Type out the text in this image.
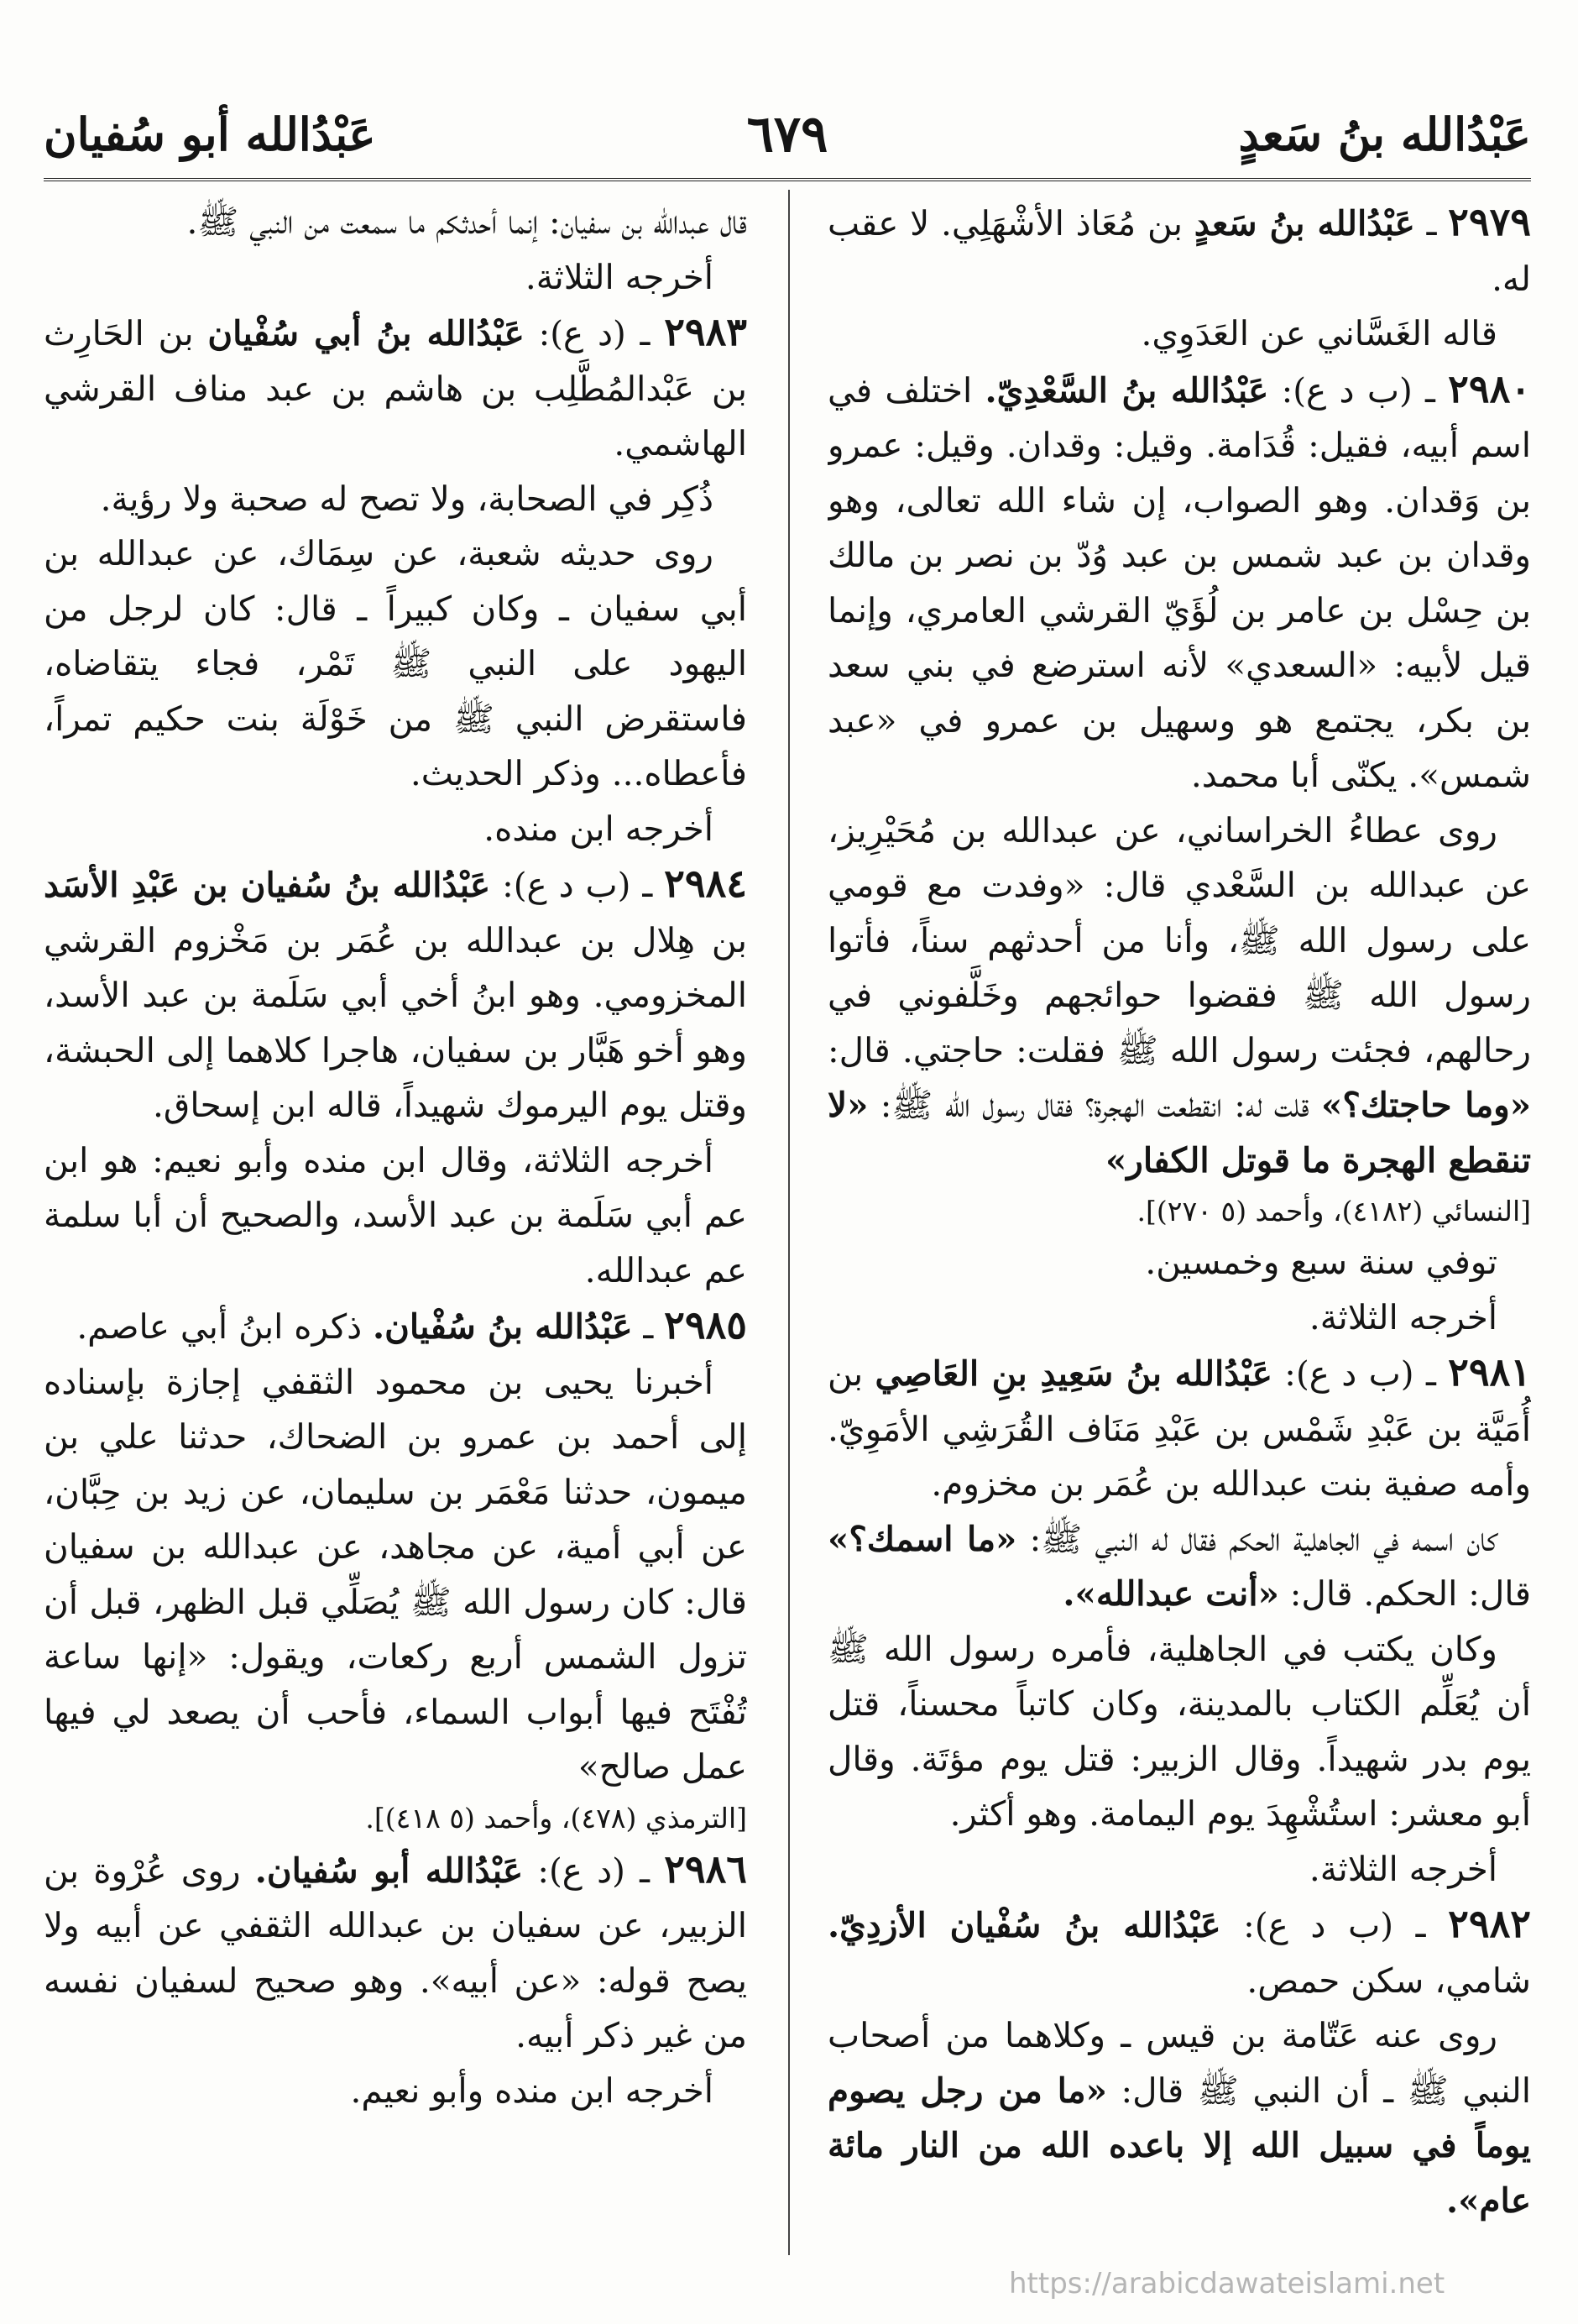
عَبْدُالله بنُ سَعدٍ
٦٧٩
عَبْدُالله أبو سُفيان

٢٩٧٩ ـ عَبْدُالله بنُ سَعدٍ بن مُعَاذ الأشْهَلِي. لا عقب له.

قاله الغَسَّاني عن العَدَوِي.

٢٩٨٠ ـ (ب د ع): عَبْدُالله بنُ السَّعْدِيّ. اختلف في اسم أبيه، فقيل: قُدَامة. وقيل: وقدان. وقيل: عمرو بن وَقدان. وهو الصواب، إن شاء الله تعالى، وهو وقدان بن عبد شمس بن عبد وُدّ بن نصر بن مالك بن حِسْل بن عامر بن لُؤَيّ القرشي العامري، وإنما قيل لأبيه: «السعدي» لأنه استرضع في بني سعد بن بكر، يجتمع هو وسهيل بن عمرو في «عبد شمس». يكنّى أبا محمد.

روى عطاءُ الخراساني، عن عبدالله بن مُحَيْرِيز، عن عبدالله بن السَّعْدي قال: «وفدت مع قومي على رسول الله ﷺ، وأنا من أحدثهم سناً، فأتوا رسول الله ﷺ فقضوا حوائجهم وخَلَّفوني في رحالهم، فجئت رسول الله ﷺ فقلت: حاجتي. قال: «وما حاجتك؟» قلت له: انقطعت الهجرة؟ فقال رسول الله ﷺ: «لا تنقطع الهجرة ما قوتل الكفار»

[النسائي (٤١٨٢)، وأحمد (٥ ٢٧٠)].

توفي سنة سبع وخمسين.

أخرجه الثلاثة.

٢٩٨١ ـ (ب د ع): عَبْدُالله بنُ سَعِيدِ بنِ العَاصِي بن أُمَيَّة بن عَبْدِ شَمْس بن عَبْدِ مَنَاف القُرَشِي الأمَوِيّ. وأمه صفية بنت عبدالله بن عُمَر بن مخزوم.

كان اسمه في الجاهلية الحكم فقال له النبي ﷺ: «ما اسمك؟» قال: الحكم. قال: «أنت عبدالله».

وكان يكتب في الجاهلية، فأمره رسول الله ﷺ أن يُعَلِّم الكتاب بالمدينة، وكان كاتباً محسناً، قتل يوم بدر شهيداً. وقال الزبير: قتل يوم مؤتَة. وقال أبو معشر: استُشْهِدَ يوم اليمامة. وهو أكثر.

أخرجه الثلاثة.

٢٩٨٢ ـ (ب د ع): عَبْدُالله بنُ سُفْيان الأزدِيّ. شامي، سكن حمص.

روى عنه عَتّامة بن قيس ـ وكلاهما من أصحاب النبي ﷺ ـ أن النبي ﷺ قال: «ما من رجل يصوم يوماً في سبيل الله إلا باعده الله من النار مائة عام».

قال عبدالله بن سفيان: إنما أحدثكم ما سمعت من النبي ﷺ.

أخرجه الثلاثة.

٢٩٨٣ ـ (د ع): عَبْدُالله بنُ أبي سُفْيان بن الحَارِث بن عَبْدالمُطَّلِب بن هاشم بن عبد مناف القرشي الهاشمي.

ذُكِر في الصحابة، ولا تصح له صحبة ولا رؤية.

روى حديثه شعبة، عن سِمَاك، عن عبدالله بن أبي سفيان ـ وكان كبيراً ـ قال: كان لرجل من اليهود على النبي ﷺ تَمْر، فجاء يتقاضاه، فاستقرض النبي ﷺ من خَوْلَة بنت حكيم تمراً، فأعطاه... وذكر الحديث.

أخرجه ابن منده.

٢٩٨٤ ـ (ب د ع): عَبْدُالله بنُ سُفيان بن عَبْدِ الأسَد بن هِلال بن عبدالله بن عُمَر بن مَخْزوم القرشي المخزومي. وهو ابنُ أخي أبي سَلَمة بن عبد الأسد، وهو أخو هَبَّار بن سفيان، هاجرا كلاهما إلى الحبشة، وقتل يوم اليرموك شهيداً، قاله ابن إسحاق.

أخرجه الثلاثة، وقال ابن منده وأبو نعيم: هو ابن عم أبي سَلَمة بن عبد الأسد، والصحيح أن أبا سلمة عم عبدالله.

٢٩٨٥ ـ عَبْدُالله بنُ سُفْيان. ذكره ابنُ أبي عاصم.

أخبرنا يحيى بن محمود الثقفي إجازة بإسناده إلى أحمد بن عمرو بن الضحاك، حدثنا علي بن ميمون، حدثنا مَعْمَر بن سليمان، عن زيد بن حِبَّان، عن أبي أمية، عن مجاهد، عن عبدالله بن سفيان قال: كان رسول الله ﷺ يُصَلِّي قبل الظهر، قبل أن تزول الشمس أربع ركعات، ويقول: «إنها ساعة تُفْتَح فيها أبواب السماء، فأحب أن يصعد لي فيها عمل صالح»

[الترمذي (٤٧٨)، وأحمد (٥ ٤١٨)].

٢٩٨٦ ـ (د ع): عَبْدُالله أبو سُفيان. روى عُرْوة بن الزبير، عن سفيان بن عبدالله الثقفي عن أبيه ولا يصح قوله: «عن أبيه». وهو صحيح لسفيان نفسه من غير ذكر أبيه.

أخرجه ابن منده وأبو نعيم.

https://arabicdawateislami.net
